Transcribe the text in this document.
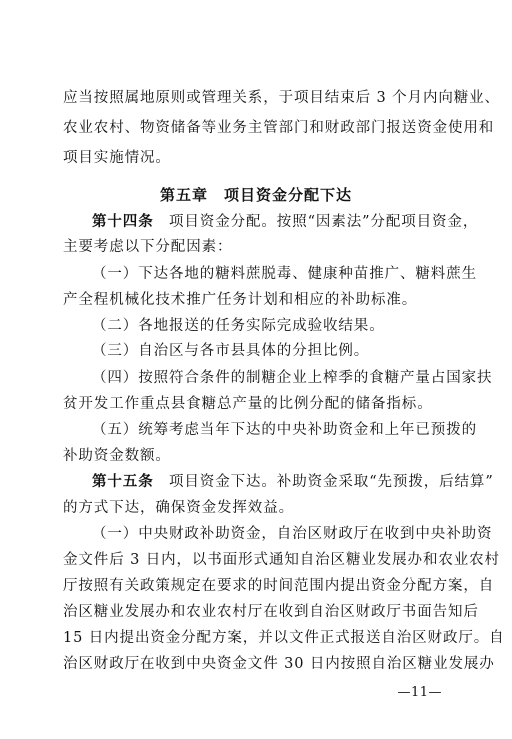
应当按照属地原则或管理关系，于项目结束后 3 个月内向糖业、
农业农村、物资储备等业务主管部门和财政部门报送资金使用和
项目实施情况。
第五章　项目资金分配下达
第十四条　项目资金分配。按照“因素法”分配项目资金，
主要考虑以下分配因素：
（一）下达各地的糖料蔗脱毒、健康种苗推广、糖料蔗生
产全程机械化技术推广任务计划和相应的补助标准。
（二）各地报送的任务实际完成验收结果。
（三）自治区与各市县具体的分担比例。
（四）按照符合条件的制糖企业上榨季的食糖产量占国家扶
贫开发工作重点县食糖总产量的比例分配的储备指标。
（五）统筹考虑当年下达的中央补助资金和上年已预拨的
补助资金数额。
第十五条　项目资金下达。补助资金采取“先预拨，后结算”
的方式下达，确保资金发挥效益。
（一）中央财政补助资金，自治区财政厅在收到中央补助资
金文件后 3 日内，以书面形式通知自治区糖业发展办和农业农村
厅按照有关政策规定在要求的时间范围内提出资金分配方案，自
治区糖业发展办和农业农村厅在收到自治区财政厅书面告知后
15 日内提出资金分配方案，并以文件正式报送自治区财政厅。自
治区财政厅在收到中央资金文件 30 日内按照自治区糖业发展办
—11—
